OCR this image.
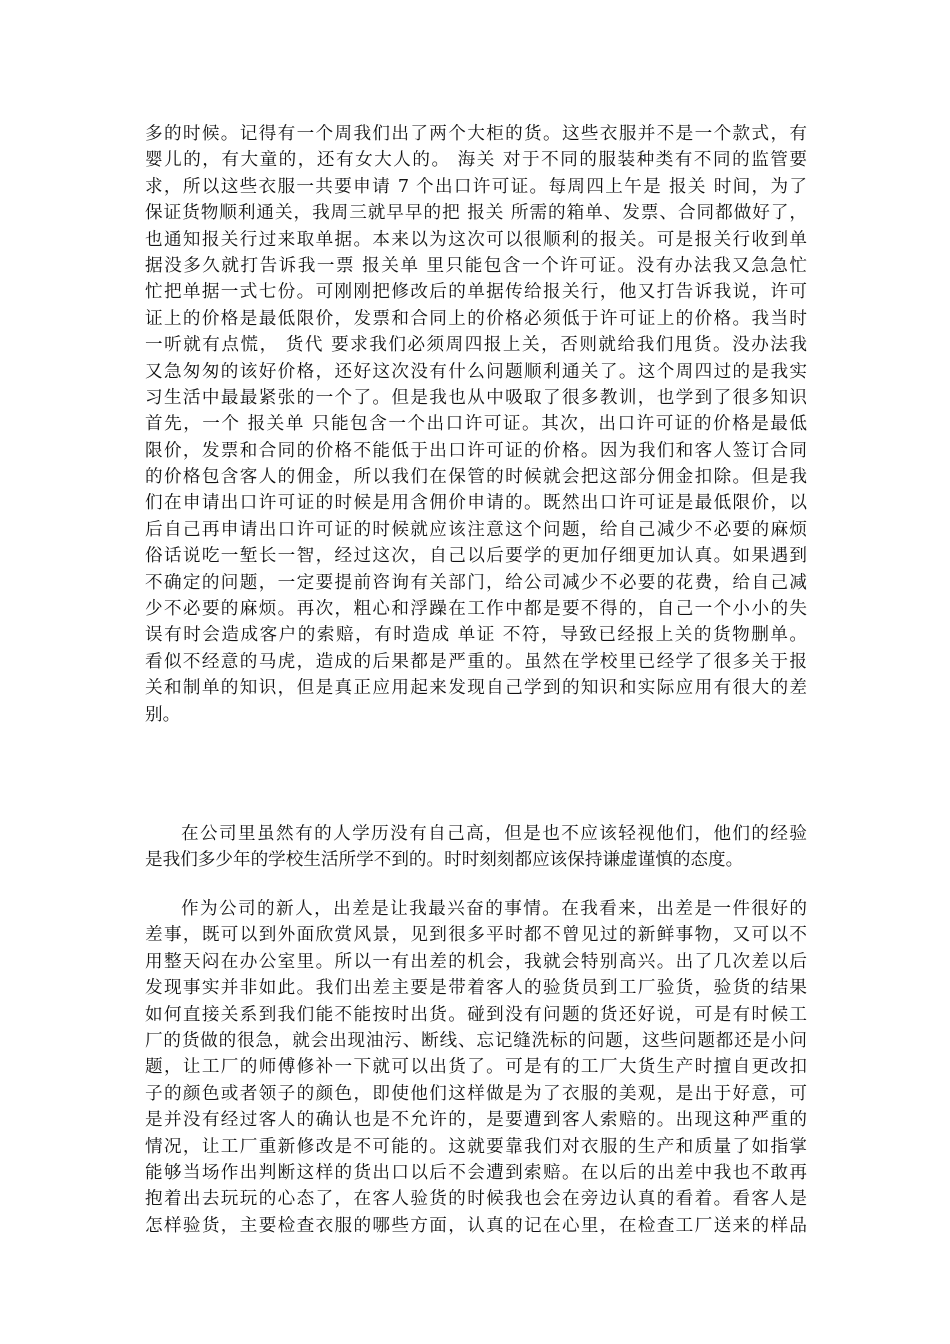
多的时候。记得有一个周我们出了两个大柜的货。这些衣服并不是一个款式，有
婴儿的，有大童的，还有女大人的。 海关 对于不同的服装种类有不同的监管要
求，所以这些衣服一共要申请 7 个出口许可证。每周四上午是 报关 时间，为了
保证货物顺利通关，我周三就早早的把 报关 所需的箱单、发票、合同都做好了，
也通知报关行过来取单据。本来以为这次可以很顺利的报关。可是报关行收到单
据没多久就打告诉我一票 报关单 里只能包含一个许可证。没有办法我又急急忙
忙把单据一式七份。可刚刚把修改后的单据传给报关行，他又打告诉我说，许可
证上的价格是最低限价，发票和合同上的价格必须低于许可证上的价格。我当时
一听就有点慌， 货代 要求我们必须周四报上关，否则就给我们甩货。没办法我
又急匆匆的该好价格，还好这次没有什么问题顺利通关了。这个周四过的是我实
习生活中最最紧张的一个了。但是我也从中吸取了很多教训，也学到了很多知识
首先，一个 报关单 只能包含一个出口许可证。其次，出口许可证的价格是最低
限价，发票和合同的价格不能低于出口许可证的价格。因为我们和客人签订合同
的价格包含客人的佣金，所以我们在保管的时候就会把这部分佣金扣除。但是我
们在申请出口许可证的时候是用含佣价申请的。既然出口许可证是最低限价，以
后自己再申请出口许可证的时候就应该注意这个问题，给自己减少不必要的麻烦
俗话说吃一堑长一智，经过这次，自己以后要学的更加仔细更加认真。如果遇到
不确定的问题，一定要提前咨询有关部门，给公司减少不必要的花费，给自己减
少不必要的麻烦。再次，粗心和浮躁在工作中都是要不得的，自己一个小小的失
误有时会造成客户的索赔，有时造成 单证 不符，导致已经报上关的货物删单。
看似不经意的马虎，造成的后果都是严重的。虽然在学校里已经学了很多关于报
关和制单的知识，但是真正应用起来发现自己学到的知识和实际应用有很大的差
别。
在公司里虽然有的人学历没有自己高，但是也不应该轻视他们，他们的经验
是我们多少年的学校生活所学不到的。时时刻刻都应该保持谦虚谨慎的态度。
作为公司的新人，出差是让我最兴奋的事情。在我看来，出差是一件很好的
差事，既可以到外面欣赏风景，见到很多平时都不曾见过的新鲜事物，又可以不
用整天闷在办公室里。所以一有出差的机会，我就会特别高兴。出了几次差以后
发现事实并非如此。我们出差主要是带着客人的验货员到工厂验货，验货的结果
如何直接关系到我们能不能按时出货。碰到没有问题的货还好说，可是有时候工
厂的货做的很急，就会出现油污、断线、忘记缝洗标的问题，这些问题都还是小问
题，让工厂的师傅修补一下就可以出货了。可是有的工厂大货生产时擅自更改扣
子的颜色或者领子的颜色，即使他们这样做是为了衣服的美观，是出于好意，可
是并没有经过客人的确认也是不允许的，是要遭到客人索赔的。出现这种严重的
情况，让工厂重新修改是不可能的。这就要靠我们对衣服的生产和质量了如指掌
能够当场作出判断这样的货出口以后不会遭到索赔。在以后的出差中我也不敢再
抱着出去玩玩的心态了，在客人验货的时候我也会在旁边认真的看着。看客人是
怎样验货，主要检查衣服的哪些方面，认真的记在心里，在检查工厂送来的样品
